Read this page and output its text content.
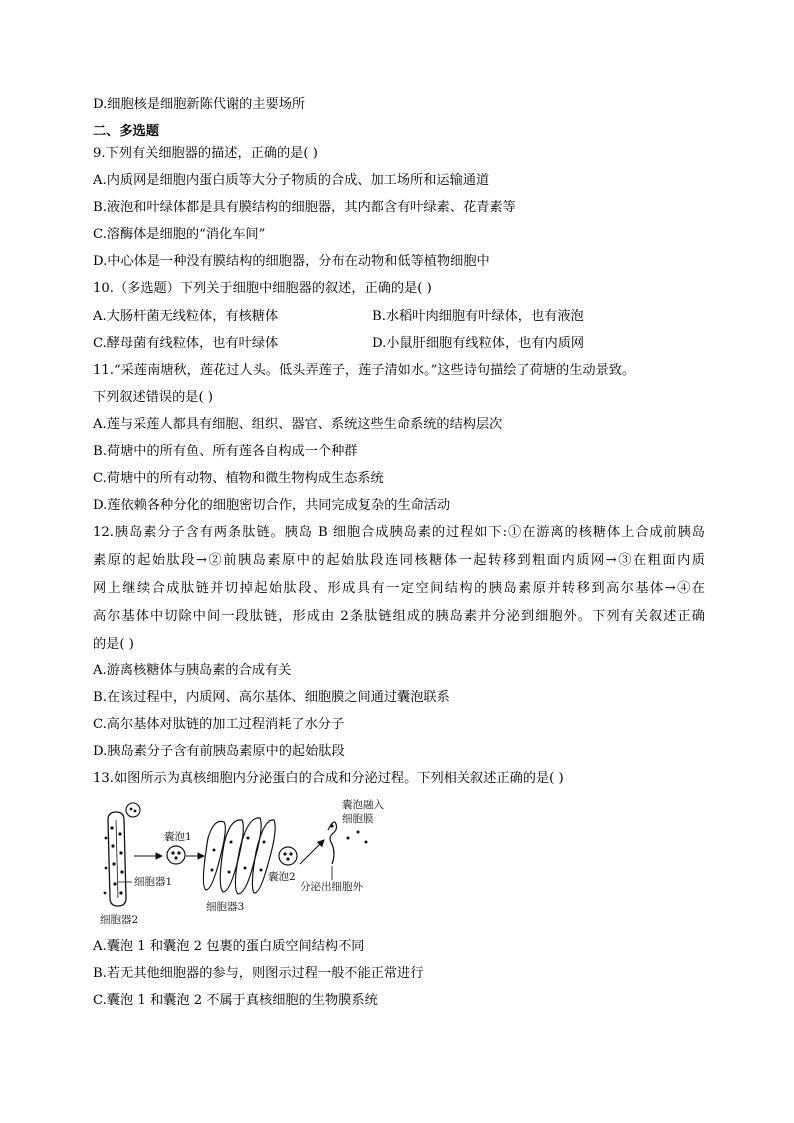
D.细胞核是细胞新陈代谢的主要场所
二、多选题
9.下列有关细胞器的描述，正确的是( )
A.内质网是细胞内蛋白质等大分子物质的合成、加工场所和运输通道
B.液泡和叶绿体都是具有膜结构的细胞器，其内都含有叶绿素、花青素等
C.溶酶体是细胞的“消化车间”
D.中心体是一种没有膜结构的细胞器，分布在动物和低等植物细胞中
10.（多选题）下列关于细胞中细胞器的叙述，正确的是( )
A.大肠杆菌无线粒体，有核糖体	B.水稻叶肉细胞有叶绿体，也有液泡
C.酵母菌有线粒体，也有叶绿体	D.小鼠肝细胞有线粒体，也有内质网
11.“采莲南塘秋，莲花过人头。低头弄莲子，莲子清如水。”这些诗句描绘了荷塘的生动景致。
下列叙述错误的是( )
A.莲与采莲人都具有细胞、组织、器官、系统这些生命系统的结构层次
B.荷塘中的所有鱼、所有莲各自构成一个种群
C.荷塘中的所有动物、植物和微生物构成生态系统
D.莲依赖各种分化的细胞密切合作，共同完成复杂的生命活动
12.胰岛素分子含有两条肽链。胰岛 B 细胞合成胰岛素的过程如下:①在游离的核糖体上合成前胰岛
素原的起始肽段→②前胰岛素原中的起始肽段连同核糖体一起转移到粗面内质网→③在粗面内质
网上继续合成肽链并切掉起始肽段、形成具有一定空间结构的胰岛素原并转移到高尔基体→④在
高尔基体中切除中间一段肽链，形成由 2条肽链组成的胰岛素并分泌到细胞外。下列有关叙述正确
的是( )
A.游离核糖体与胰岛素的合成有关
B.在该过程中，内质网、高尔基体、细胞膜之间通过囊泡联系
C.高尔基体对肽链的加工过程消耗了水分子
D.胰岛素分子含有前胰岛素原中的起始肽段
13.如图所示为真核细胞内分泌蛋白的合成和分泌过程。下列相关叙述正确的是( )
细胞器1
细胞器2
囊泡1
细胞器3
囊泡2
囊泡融入
细胞膜
分泌出细胞外
A.囊泡 1 和囊泡 2 包裹的蛋白质空间结构不同
B.若无其他细胞器的参与，则图示过程一般不能正常进行
C.囊泡 1 和囊泡 2 不属于真核细胞的生物膜系统
